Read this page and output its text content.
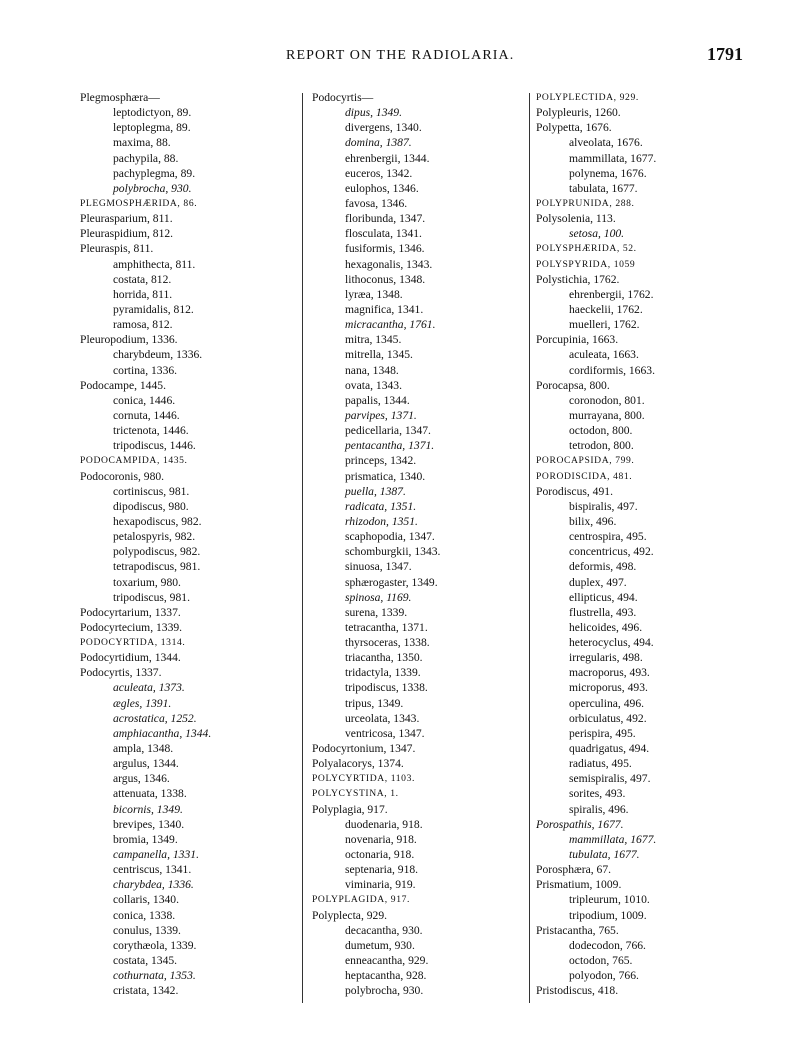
REPORT ON THE RADIOLARIA.	1791
Plegmosphæra—
leptodictyon, 89.
leptoplegma, 89.
maxima, 88.
pachypila, 88.
pachyplegma, 89.
polybrocha, 930.
PLEGMOSPHÆRIDA, 86.
Pleurasparium, 811.
Pleuraspidium, 812.
Pleuraspis, 811.
amphithecta, 811.
costata, 812.
horrida, 811.
pyramidalis, 812.
ramosa, 812.
Pleuropodium, 1336.
charybdeum, 1336.
cortina, 1336.
Podocampe, 1445.
conica, 1446.
cornuta, 1446.
trictenota, 1446.
tripodiscus, 1446.
PODOCAMPIDA, 1435.
Podocoronis, 980.
cortiniscus, 981.
dipodiscus, 980.
hexapodiscus, 982.
petalospyris, 982.
polypodiscus, 982.
tetrapodiscus, 981.
toxarium, 980.
tripodiscus, 981.
Podocyrtarium, 1337.
Podocyrtecium, 1339.
PODOCYRTIDA, 1314.
Podocyrtidium, 1344.
Podocyrtis, 1337.
aculeata, 1373.
ægles, 1391.
acrostatica, 1252.
amphiacantha, 1344.
ampla, 1348.
argulus, 1344.
argus, 1346.
attenuata, 1338.
bicornis, 1349.
brevipes, 1340.
bromia, 1349.
campanella, 1331.
centriscus, 1341.
charybdea, 1336.
collaris, 1340.
conica, 1338.
conulus, 1339.
corythæola, 1339.
costata, 1345.
cothurnata, 1353.
cristata, 1342.
Podocyrtis—
dipus, 1349.
divergens, 1340.
domina, 1387.
ehrenbergii, 1344.
euceros, 1342.
eulophos, 1346.
favosa, 1346.
floribunda, 1347.
flosculata, 1341.
fusiformis, 1346.
hexagonalis, 1343.
lithoconus, 1348.
lyræa, 1348.
magnifica, 1341.
micracantha, 1761.
mitra, 1345.
mitrella, 1345.
nana, 1348.
ovata, 1343.
papalis, 1344.
parvipes, 1371.
pedicellaria, 1347.
pentacantha, 1371.
princeps, 1342.
prismatica, 1340.
puella, 1387.
radicata, 1351.
rhizodon, 1351.
scaphopodia, 1347.
schomburgkii, 1343.
sinuosa, 1347.
sphærogaster, 1349.
spinosa, 1169.
surena, 1339.
tetracantha, 1371.
thyrsoceras, 1338.
triacantha, 1350.
tridactyla, 1339.
tripodiscus, 1338.
tripus, 1349.
urceolata, 1343.
ventricosa, 1347.
Podocyrtonium, 1347.
Polyalacorys, 1374.
POLYCYRTIDA, 1103.
POLYCYSTINA, 1.
Polyplagia, 917.
duodenaria, 918.
novenaria, 918.
octonaria, 918.
septenaria, 918.
viminaria, 919.
POLYPLAGIDA, 917.
Polyplecta, 929.
decacantha, 930.
dumetum, 930.
enneacantha, 929.
heptacantha, 928.
polybrocha, 930.
POLYPLECTIDA, 929.
Polypleuris, 1260.
Polypetta, 1676.
alveolata, 1676.
mammillata, 1677.
polynema, 1676.
tabulata, 1677.
POLYPRUNIDA, 288.
Polysolenia, 113.
setosa, 100.
POLYSPHÆRIDA, 52.
POLYSPYRIDA, 1059
Polystichia, 1762.
ehrenbergii, 1762.
haeckelii, 1762.
muelleri, 1762.
Porcupinia, 1663.
aculeata, 1663.
cordiformis, 1663.
Porocapsa, 800.
coronodon, 801.
murrayana, 800.
octodon, 800.
tetrodon, 800.
POROCAPSIDA, 799.
PORODISCIDA, 481.
Porodiscus, 491.
bispiralis, 497.
bilix, 496.
centrospira, 495.
concentricus, 492.
deformis, 498.
duplex, 497.
ellipticus, 494.
flustrella, 493.
helicoides, 496.
heterocyclus, 494.
irregularis, 498.
macroporus, 493.
microporus, 493.
operculina, 496.
orbiculatus, 492.
perispira, 495.
quadrigatus, 494.
radiatus, 495.
semispiralis, 497.
sorites, 493.
spiralis, 496.
Porospathis, 1677.
mammillata, 1677.
tubulata, 1677.
Porosphæra, 67.
Prismatium, 1009.
tripleurum, 1010.
tripodium, 1009.
Pristacantha, 765.
dodecodon, 766.
octodon, 765.
polyodon, 766.
Pristodiscus, 418.
